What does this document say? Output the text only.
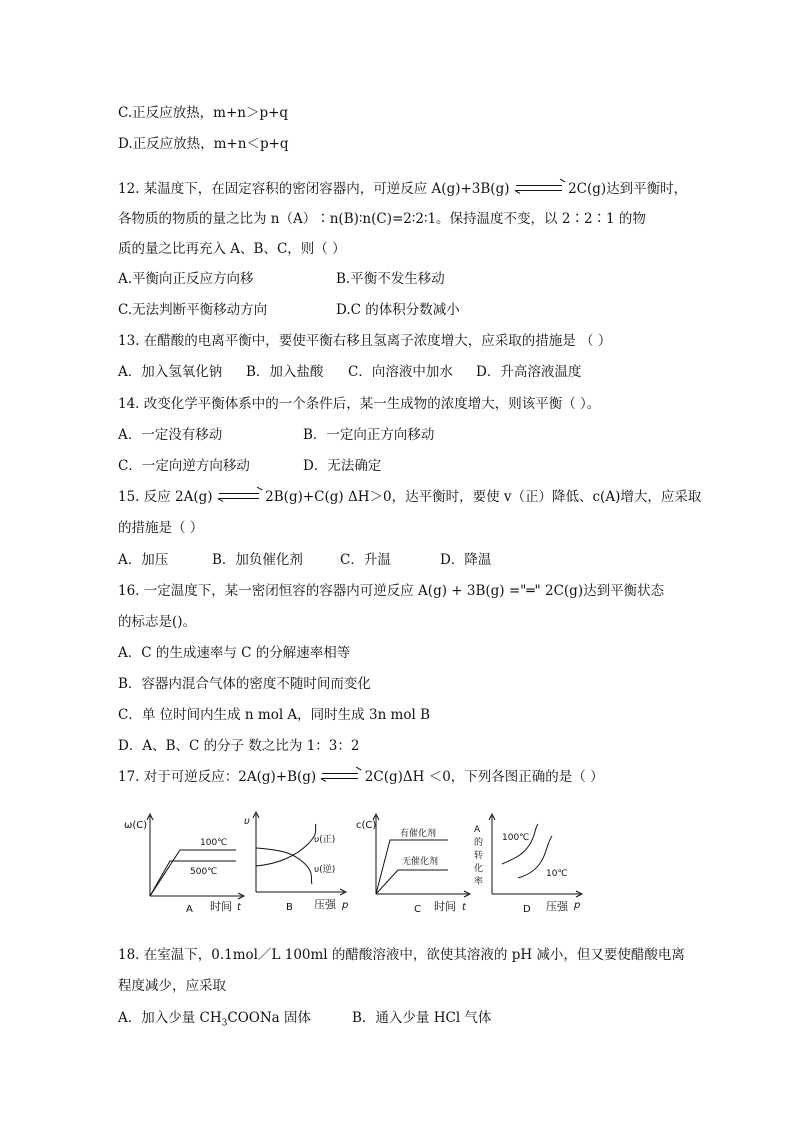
C.正反应放热，m+n＞p+q
D.正反应放热，m+n＜p+q
12. 某温度下，在固定容积的密闭容器内，可逆反应 A(g)+3B(g) ⇌ 2C(g)达到平衡时，
各物质的物质的量之比为 n（A）∶n(B)∶n(C)=2∶2∶1。保持温度不变，以 2∶2∶1 的物
质的量之比再充入 A、B、C，则（ ）
A.平衡向正反应方向移	B.平衡不发生移动
C.无法判断平衡移动方向	D.C 的体积分数减小
13. 在醋酸的电离平衡中，要使平衡右移且氢离子浓度增大，应采取的措施是 （ ）
A．加入氢氧化钠 B．加入盐酸 C．向溶液中加水 D．升高溶液温度
14. 改变化学平衡体系中的一个条件后，某一生成物的浓度增大，则该平衡（ ）。
A．一定没有移动	B．一定向正方向移动
C．一定向逆方向移动	D．无法确定
15. 反应 2A(g) ⇌ 2B(g)+C(g) ΔH＞0，达平衡时，要使 v（正）降低、c(A)增大，应采取
的措施是（ ）
A．加压	B．加负催化剂	C．升温	D．降温
16. 一定温度下，某一密闭恒容的容器内可逆反应 A(g) + 3B(g) ="═" 2C(g)达到平衡状态
的标志是()。
A．C 的生成速率与 C 的分解速率相等
B．容器内混合气体的密度不随时间而变化
C．单 位时间内生成 n mol A，同时生成 3n mol B
D．A、B、C 的分子 数之比为 1：3：2
17. 对于可逆反应：2A(g)+B(g) ⇌ 2C(g)ΔH ＜0，下列各图正确的是（ ）
ω(C)
100℃
500℃
A 时间 t
υ
υ(正)
υ(逆)
B 压强 p
c(C)
有催化剂
无催化剂
C 时间 t
A
的
转
化
率
100℃
10℃
D 压强 p
18. 在室温下，0.1mol／L 100ml 的醋酸溶液中，欲使其溶液的 pH 减小，但又要使醋酸电离
程度减少，应采取
A．加入少量 $CH_3COONa$ 固体	B．通入少量 HCl 气体
